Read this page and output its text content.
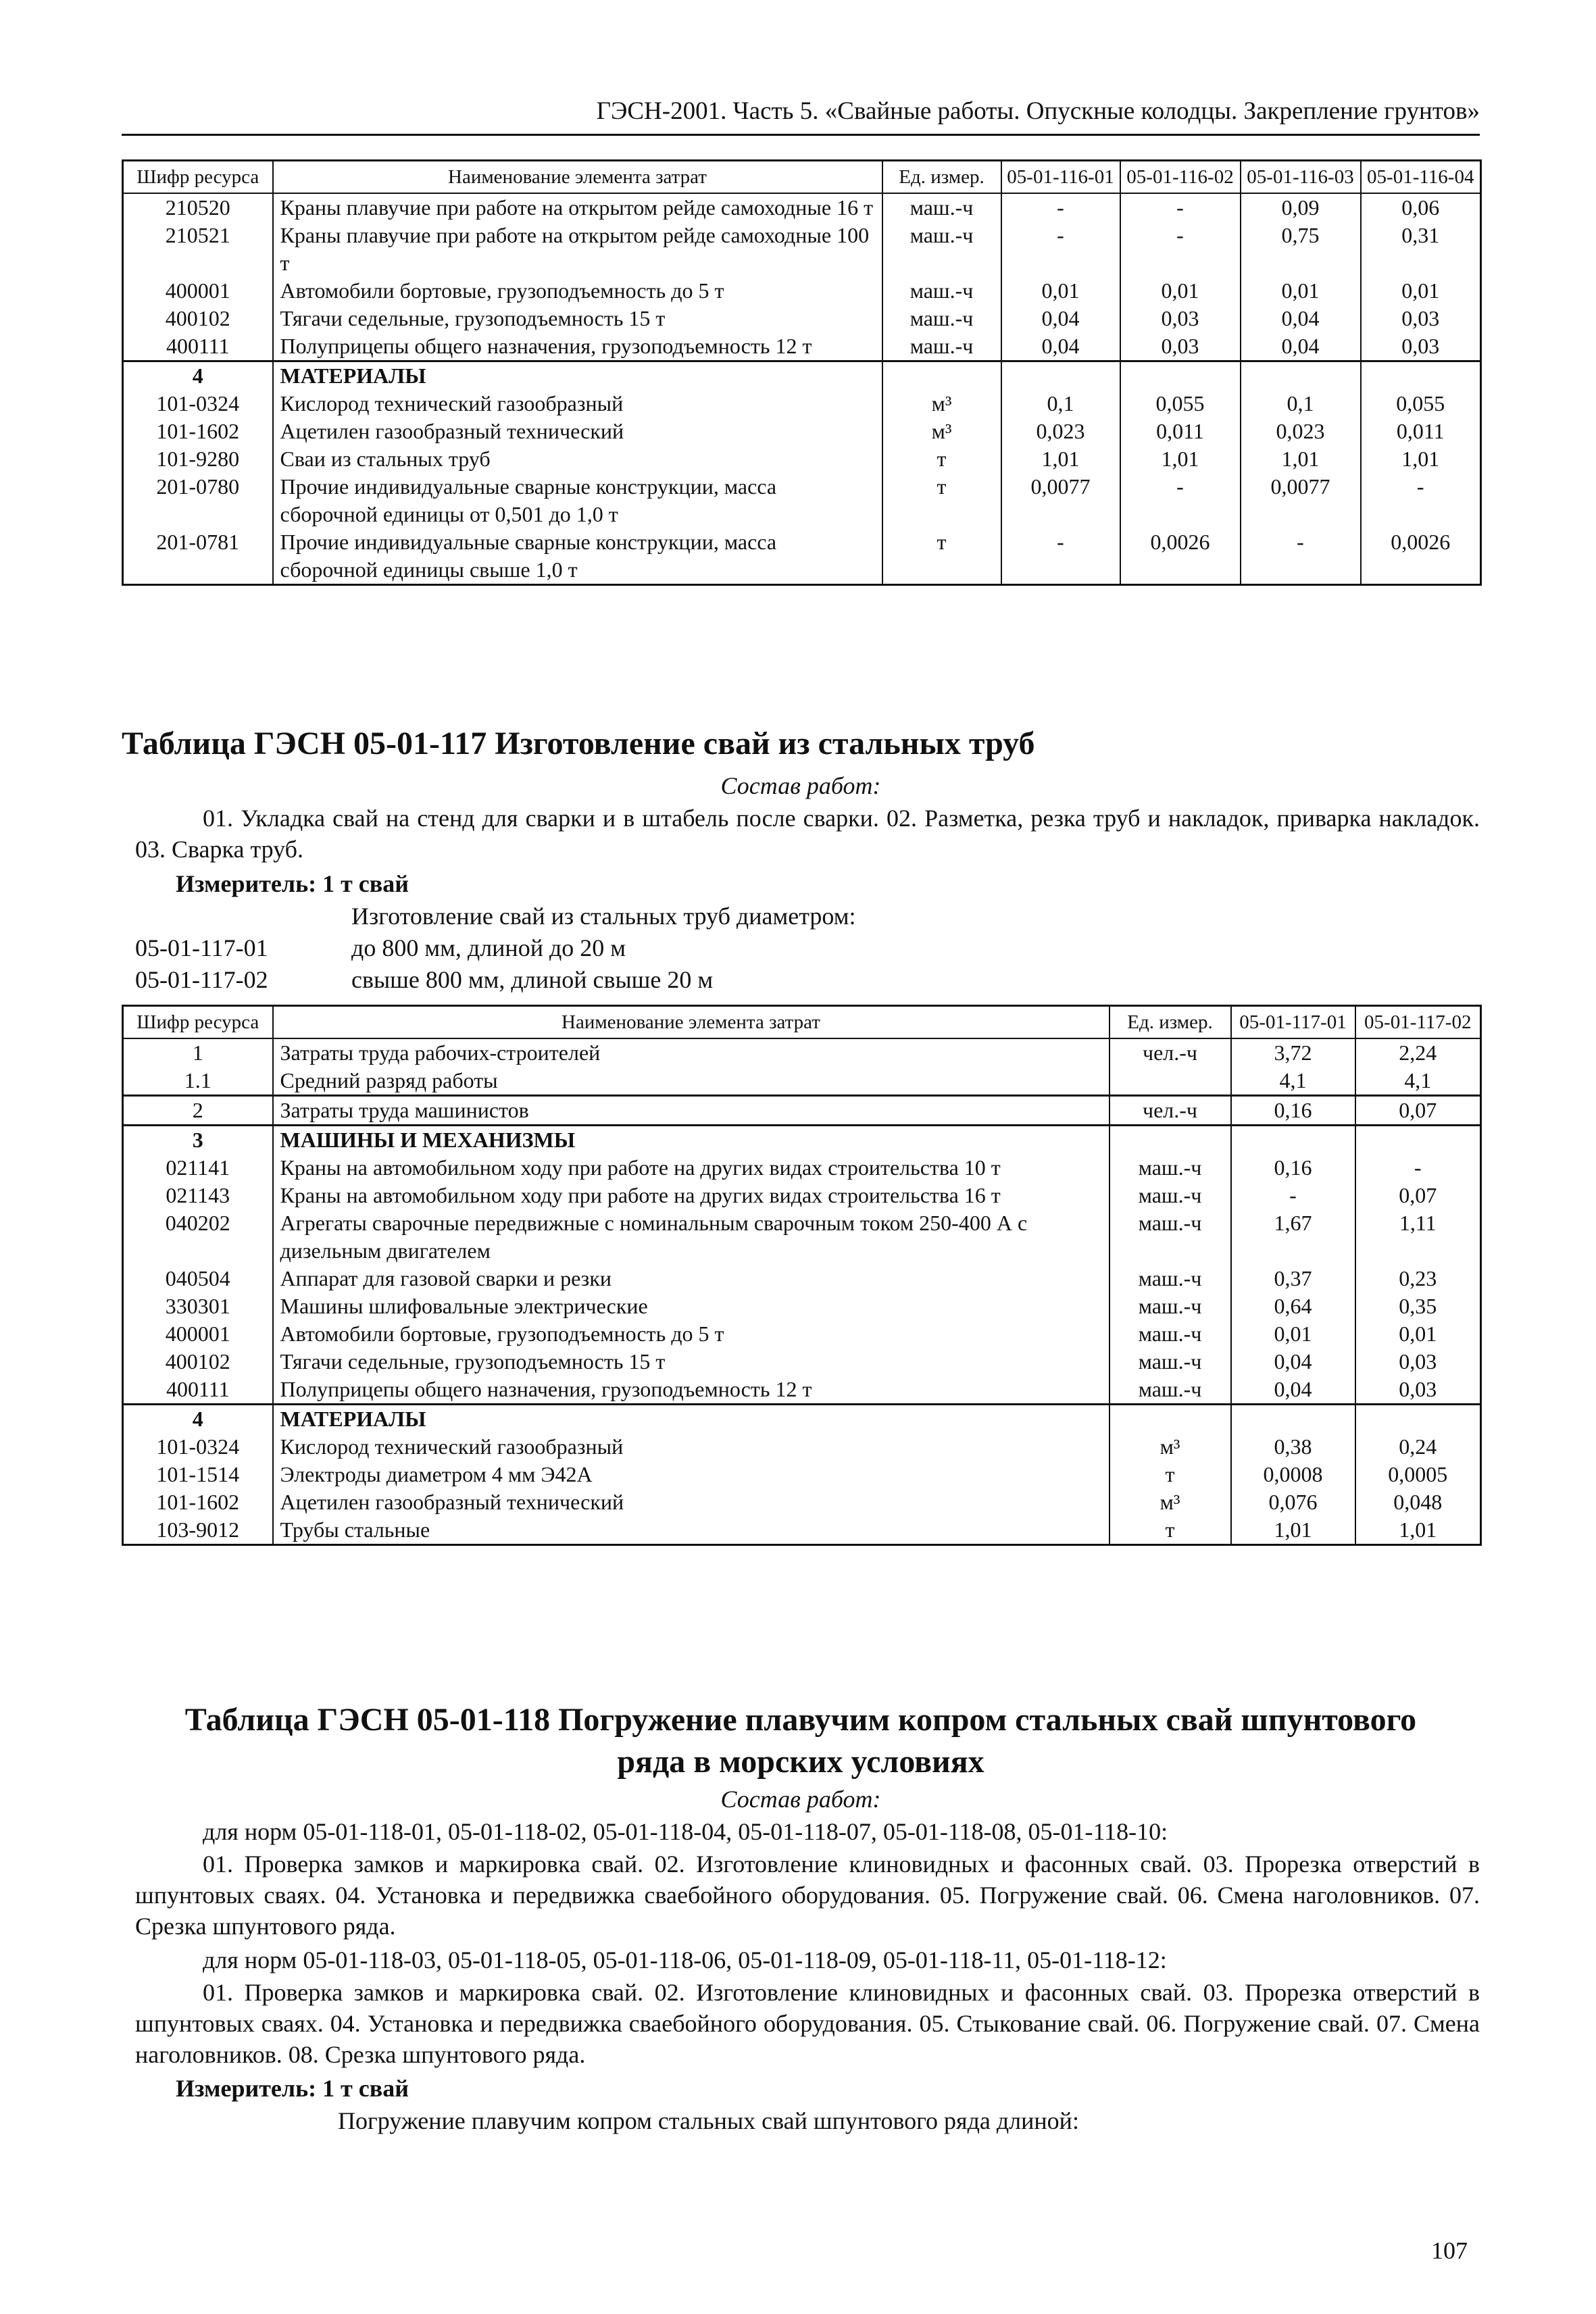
ГЭСН-2001. Часть 5. «Свайные работы. Опускные колодцы. Закрепление грунтов»
Шифр ресурса	Наименование элемента затрат	Ед. измер.	05-01-116-01	05-01-116-02	05-01-116-03	05-01-116-04
210520	Краны плавучие при работе на открытом рейде самоходные 16 т	маш.-ч	-	-	0,09	0,06
210521	Краны плавучие при работе на открытом рейде самоходные 100 т	маш.-ч	-	-	0,75	0,31
400001	Автомобили бортовые, грузоподъемность до 5 т	маш.-ч	0,01	0,01	0,01	0,01
400102	Тягачи седельные, грузоподъемность 15 т	маш.-ч	0,04	0,03	0,04	0,03
400111	Полуприцепы общего назначения, грузоподъемность 12 т	маш.-ч	0,04	0,03	0,04	0,03
4	МАТЕРИАЛЫ					
101-0324	Кислород технический газообразный	м³	0,1	0,055	0,1	0,055
101-1602	Ацетилен газообразный технический	м³	0,023	0,011	0,023	0,011
101-9280	Сваи из стальных труб	т	1,01	1,01	1,01	1,01
201-0780	Прочие индивидуальные сварные конструкции, масса сборочной единицы от 0,501 до 1,0 т	т	0,0077	-	0,0077	-
201-0781	Прочие индивидуальные сварные конструкции, масса сборочной единицы свыше 1,0 т	т	-	0,0026	-	0,0026
Таблица ГЭСН 05-01-117 Изготовление свай из стальных труб
Состав работ:

01. Укладка свай на стенд для сварки и в штабель после сварки. 02. Разметка, резка труб и накладок, приварка накладок. 03. Сварка труб.

Измеритель: 1 т свай
Изготовление свай из стальных труб диаметром:
05-01-117-01	до 800 мм, длиной до 20 м
05-01-117-02	свыше 800 мм, длиной свыше 20 м
Шифр ресурса	Наименование элемента затрат	Ед. измер.	05-01-117-01	05-01-117-02
1	Затраты труда рабочих-строителей	чел.-ч	3,72	2,24
1.1	Средний разряд работы		4,1	4,1
2	Затраты труда машинистов	чел.-ч	0,16	0,07
3	МАШИНЫ И МЕХАНИЗМЫ			
021141	Краны на автомобильном ходу при работе на других видах строительства 10 т	маш.-ч	0,16	-
021143	Краны на автомобильном ходу при работе на других видах строительства 16 т	маш.-ч	-	0,07
040202	Агрегаты сварочные передвижные с номинальным сварочным током 250-400 А с дизельным двигателем	маш.-ч	1,67	1,11
040504	Аппарат для газовой сварки и резки	маш.-ч	0,37	0,23
330301	Машины шлифовальные электрические	маш.-ч	0,64	0,35
400001	Автомобили бортовые, грузоподъемность до 5 т	маш.-ч	0,01	0,01
400102	Тягачи седельные, грузоподъемность 15 т	маш.-ч	0,04	0,03
400111	Полуприцепы общего назначения, грузоподъемность 12 т	маш.-ч	0,04	0,03
4	МАТЕРИАЛЫ			
101-0324	Кислород технический газообразный	м³	0,38	0,24
101-1514	Электроды диаметром 4 мм Э42А	т	0,0008	0,0005
101-1602	Ацетилен газообразный технический	м³	0,076	0,048
103-9012	Трубы стальные	т	1,01	1,01
Таблица ГЭСН 05-01-118 Погружение плавучим копром стальных свай шпунтового
ряда в морских условиях
Состав работ:
для норм 05-01-118-01, 05-01-118-02, 05-01-118-04, 05-01-118-07, 05-01-118-08, 05-01-118-10:

01. Проверка замков и маркировка свай. 02. Изготовление клиновидных и фасонных свай. 03. Прорезка отверстий в шпунтовых сваях. 04. Установка и передвижка сваебойного оборудования. 05. Погружение свай. 06. Смена наголовников. 07. Срезка шпунтового ряда.

для норм 05-01-118-03, 05-01-118-05, 05-01-118-06, 05-01-118-09, 05-01-118-11, 05-01-118-12:

01. Проверка замков и маркировка свай. 02. Изготовление клиновидных и фасонных свай. 03. Прорезка отверстий в шпунтовых сваях. 04. Установка и передвижка сваебойного оборудования. 05. Стыкование свай. 06. Погружение свай. 07. Смена наголовников. 08. Срезка шпунтового ряда.

Измеритель: 1 т свай
Погружение плавучим копром стальных свай шпунтового ряда длиной:
107
